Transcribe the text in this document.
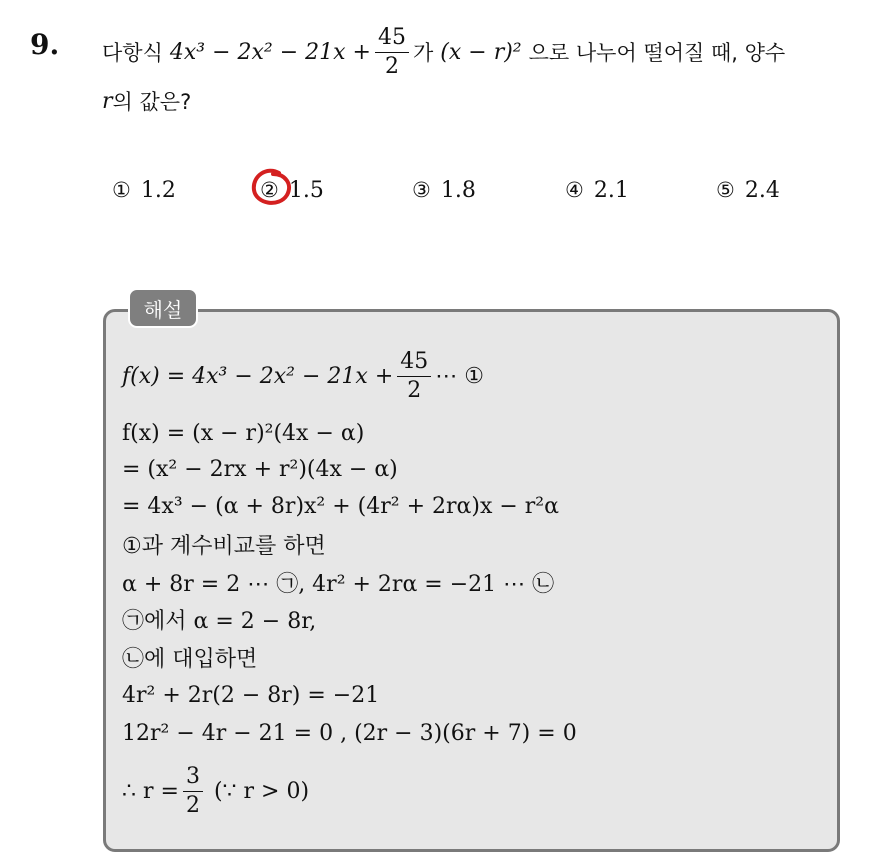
9. 다항식
$4x^3 - 2x^2 - 21x + \frac{45}{2}$ 가
(x − r)²
으로 나누어 떨어질 때, 양수
r 의 값은?
① 1.2	② 1.5	③ 1.8	④ 2.1	⑤ 2.4
해설
$f(x) = 4x^3 - 2x^2 - 21x + \frac{45}{2}$ ⋯ ①
f(x) = (x − r)²(4x − α)
= (x² − 2rx + r²)(4x − α)
= 4x³ − (α + 8r)x² + (4r² + 2rα)x − r²α
①과 계수비교를 하면
α + 8r = 2 ⋯ ㉠, 4r² + 2rα = −21 ⋯ ㉡
㉠에서 α = 2 − 8r,
㉡에 대입하면
4r² + 2r(2 − 8r) = −21
12r² − 4r − 21 = 0 , (2r − 3)(6r + 7) = 0
∴ $r = \frac{3}{2}$
(∵ r > 0)
